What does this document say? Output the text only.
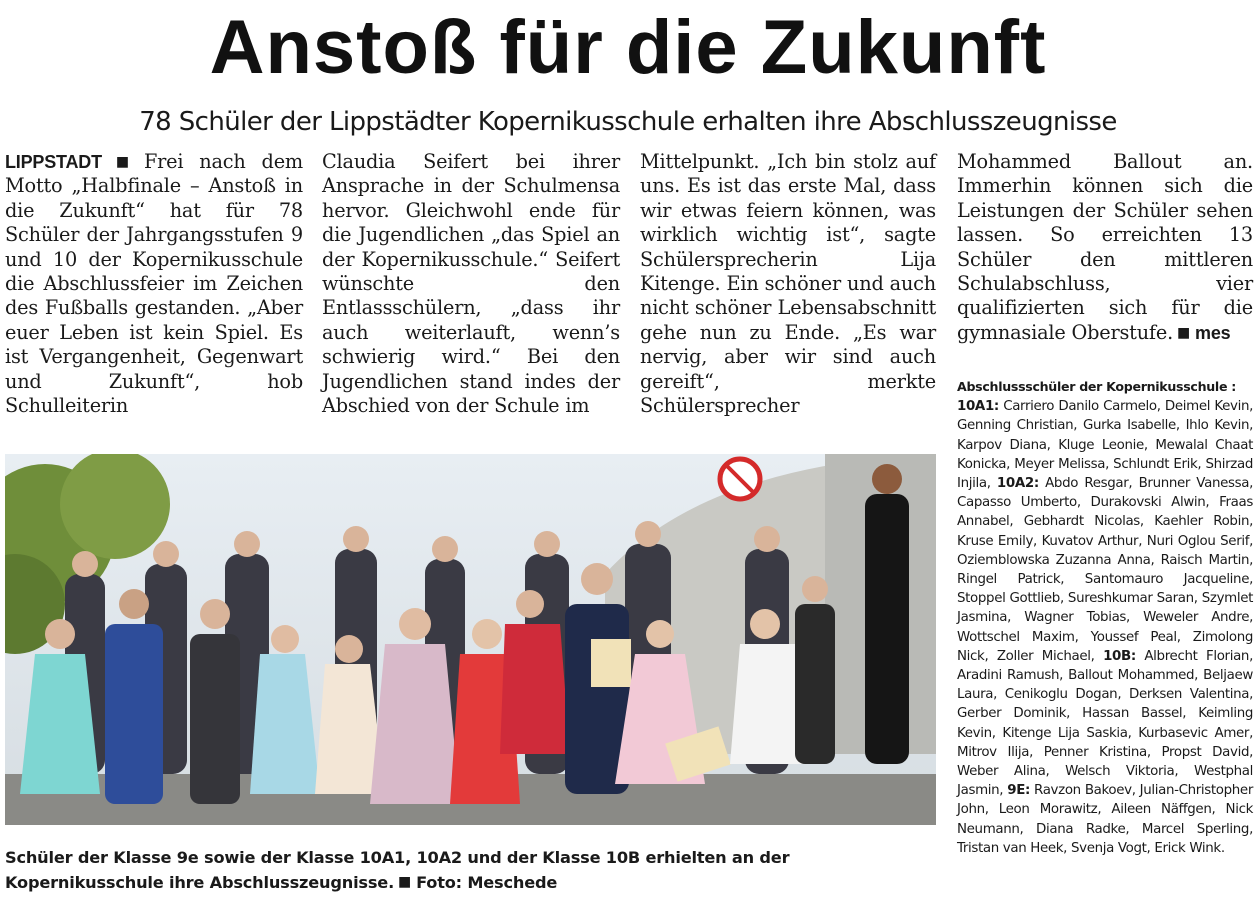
Anstoß für die Zukunft
78 Schüler der Lippstädter Kopernikusschule erhalten ihre Abschlusszeugnisse
LIPPSTADT ■ Frei nach dem Motto „Halbfinale – Anstoß in die Zukunft“ hat für 78 Schüler der Jahrgangsstufen 9 und 10 der Kopernikusschule die Abschlussfeier im Zeichen des Fußballs gestanden. „Aber euer Leben ist kein Spiel. Es ist Vergangenheit, Gegenwart und Zukunft“, hob Schulleiterin
Claudia Seifert bei ihrer Ansprache in der Schulmensa hervor. Gleichwohl ende für die Jugendlichen „das Spiel an der Kopernikusschule.“ Seifert wünschte den Entlassschülern, „dass ihr auch weiterlauft, wenn’s schwierig wird.“ Bei den Jugendlichen stand indes der Abschied von der Schule im
Mittelpunkt. „Ich bin stolz auf uns. Es ist das erste Mal, dass wir etwas feiern können, was wirklich wichtig ist“, sagte Schülersprecherin Lija Kitenge. Ein schöner und auch nicht schöner Lebensabschnitt gehe nun zu Ende. „Es war nervig, aber wir sind auch gereift“, merkte Schülersprecher
Mohammed Ballout an. Immerhin können sich die Leistungen der Schüler sehen lassen. So erreichten 13 Schüler den mittleren Schulabschluss, vier qualifizierten sich für die gymnasiale Oberstufe. ■ mes
Schüler der Klasse 9e sowie der Klasse 10A1, 10A2 und der Klasse 10B erhielten an der Kopernikusschule ihre Abschlusszeugnisse. ■ Foto: Meschede
Abschlussschüler der Kopernikusschule :
10A1: Carriero Danilo Carmelo, Deimel Kevin, Genning Christian, Gurka Isabelle, Ihlo Kevin, Karpov Diana, Kluge Leonie, Mewalal Chaat Konicka, Meyer Melissa, Schlundt Erik, Shirzad Injila, 10A2: Abdo Resgar, Brunner Vanessa, Capasso Umberto, Durakovski Alwin, Fraas Annabel, Gebhardt Nicolas, Kaehler Robin, Kruse Emily, Kuvatov Arthur, Nuri Oglou Serif, Oziemblowska Zuzanna Anna, Raisch Martin, Ringel Patrick, Santomauro Jacqueline, Stoppel Gottlieb, Sureshkumar Saran, Szymlet Jasmina, Wagner Tobias, Weweler Andre, Wottschel Maxim, Youssef Peal, Zimolong Nick, Zoller Michael, 10B: Albrecht Florian, Aradini Ramush, Ballout Mohammed, Beljaew Laura, Cenikoglu Dogan, Derksen Valentina, Gerber Dominik, Hassan Bassel, Keimling Kevin, Kitenge Lija Saskia, Kurbasevic Amer, Mitrov Ilija, Penner Kristina, Propst David, Weber Alina, Welsch Viktoria, Westphal Jasmin, 9E: Ravzon Bakoev, Julian-Christopher John, Leon Morawitz, Aileen Näffgen, Nick Neumann, Diana Radke, Marcel Sperling, Tristan van Heek, Svenja Vogt, Erick Wink.
